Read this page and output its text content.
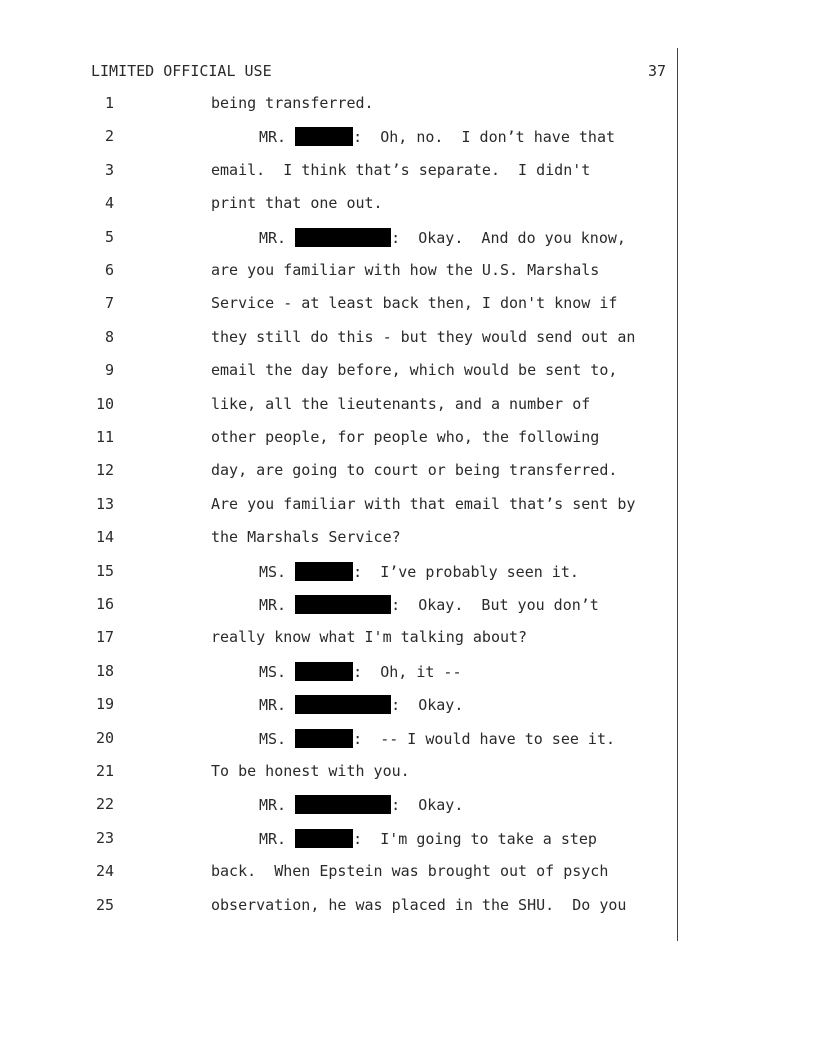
LIMITED OFFICIAL USE	37
1	being transferred.
2	MR.	:  Oh, no.  I don’t have that
3	email.  I think that’s separate.  I didn't
4	print that one out.
5	MR.	:  Okay.  And do you know,
6	are you familiar with how the U.S. Marshals
7	Service - at least back then, I don't know if
8	they still do this - but they would send out an
9	email the day before, which would be sent to,
10	like, all the lieutenants, and a number of
11	other people, for people who, the following
12	day, are going to court or being transferred.
13	Are you familiar with that email that’s sent by
14	the Marshals Service?
15	MS.	:  I’ve probably seen it.
16	MR.	:  Okay.  But you don’t
17	really know what I'm talking about?
18	MS.	:  Oh, it --
19	MR.	:  Okay.
20	MS.	:  -- I would have to see it.
21	To be honest with you.
22	MR.	:  Okay.
23	MR.	:  I'm going to take a step
24	back.  When Epstein was brought out of psych
25	observation, he was placed in the SHU.  Do you
